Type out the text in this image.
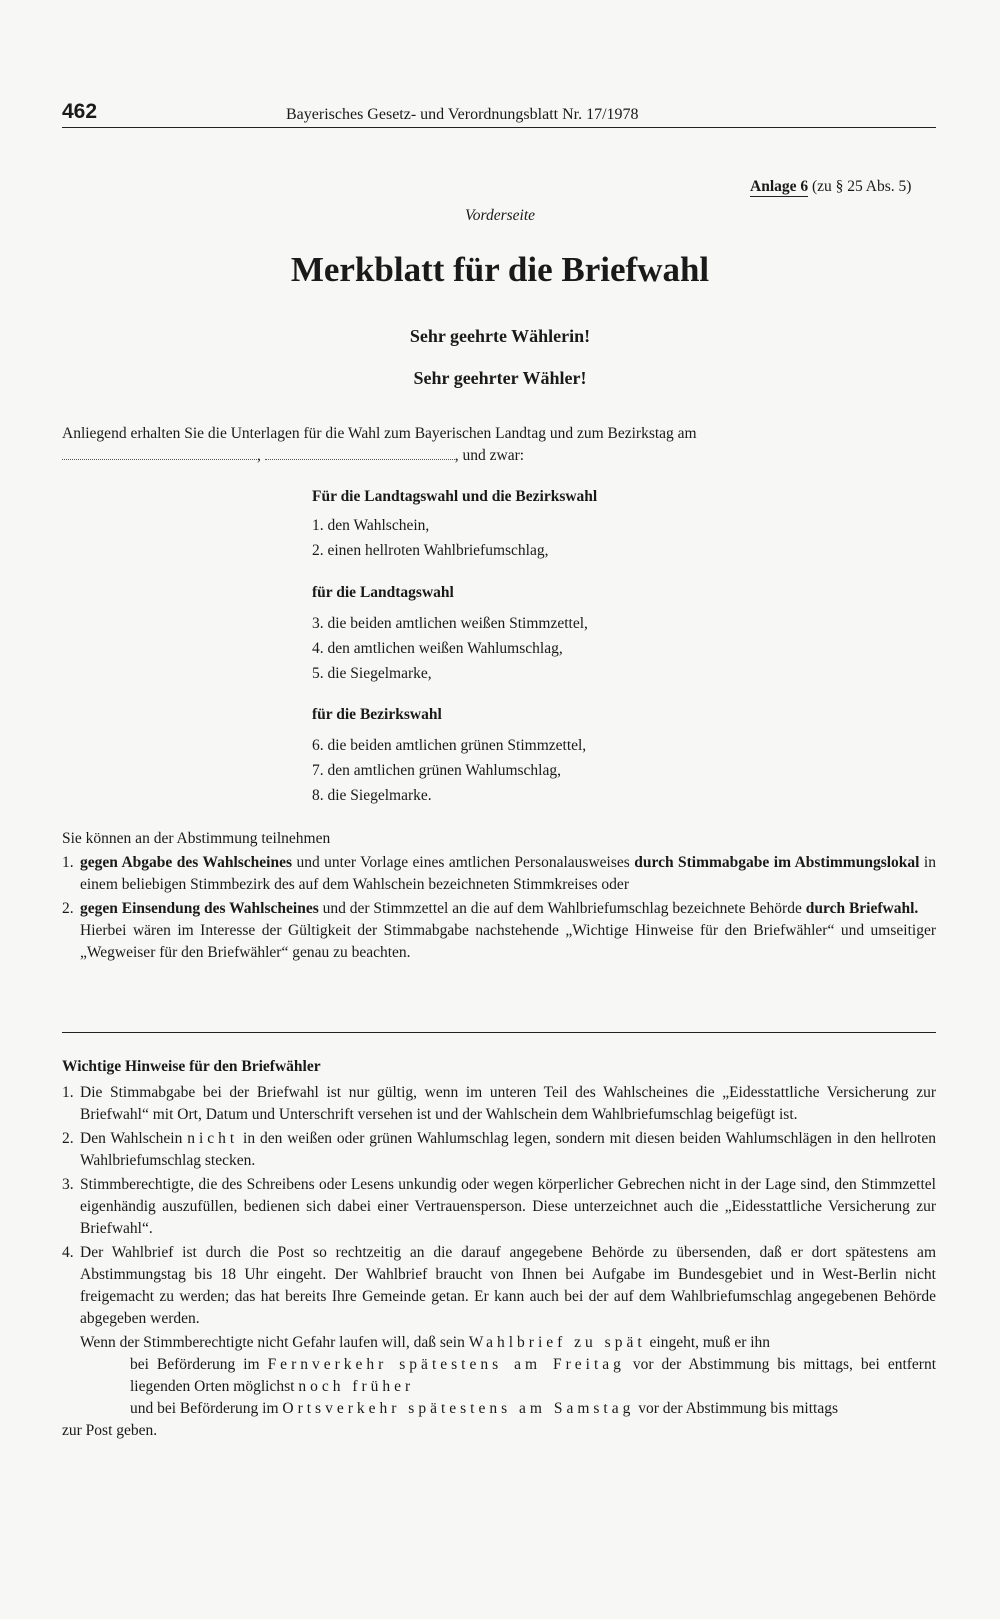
462	Bayerisches Gesetz- und Verordnungsblatt Nr. 17/1978
Anlage 6 (zu § 25 Abs. 5)
Vorderseite
Merkblatt für die Briefwahl
Sehr geehrte Wählerin!
Sehr geehrter Wähler!
Anliegend erhalten Sie die Unterlagen für die Wahl zum Bayerischen Landtag und zum Bezirkstag am
,	, und zwar:
Für die Landtagswahl und die Bezirkswahl
1. den Wahlschein,
2. einen hellroten Wahlbriefumschlag,
für die Landtagswahl
3. die beiden amtlichen weißen Stimmzettel,
4. den amtlichen weißen Wahlumschlag,
5. die Siegelmarke,
für die Bezirkswahl
6. die beiden amtlichen grünen Stimmzettel,
7. den amtlichen grünen Wahlumschlag,
8. die Siegelmarke.
Sie können an der Abstimmung teilnehmen
1. gegen Abgabe des Wahlscheines und unter Vorlage eines amtlichen Personalausweises durch Stimmabgabe im Abstimmungslokal in einem beliebigen Stimmbezirk des auf dem Wahlschein bezeichneten Stimmkreises oder
2. gegen Einsendung des Wahlscheines und der Stimmzettel an die auf dem Wahlbriefumschlag bezeichnete Behörde durch Briefwahl.
Hierbei wären im Interesse der Gültigkeit der Stimmabgabe nachstehende „Wichtige Hinweise für den Briefwähler“ und umseitiger „Wegweiser für den Briefwähler“ genau zu beachten.
Wichtige Hinweise für den Briefwähler
1. Die Stimmabgabe bei der Briefwahl ist nur gültig, wenn im unteren Teil des Wahlscheines die „Eidesstattliche Versicherung zur Briefwahl“ mit Ort, Datum und Unterschrift versehen ist und der Wahlschein dem Wahlbriefumschlag beigefügt ist.
2. Den Wahlschein nicht in den weißen oder grünen Wahlumschlag legen, sondern mit diesen beiden Wahlumschlägen in den hellroten Wahlbriefumschlag stecken.
3. Stimmberechtigte, die des Schreibens oder Lesens unkundig oder wegen körperlicher Gebrechen nicht in der Lage sind, den Stimmzettel eigenhändig auszufüllen, bedienen sich dabei einer Vertrauensperson. Diese unterzeichnet auch die „Eidesstattliche Versicherung zur Briefwahl“.
4. Der Wahlbrief ist durch die Post so rechtzeitig an die darauf angegebene Behörde zu übersenden, daß er dort spätestens am Abstimmungstag bis 18 Uhr eingeht. Der Wahlbrief braucht von Ihnen bei Aufgabe im Bundesgebiet und in West-Berlin nicht freigemacht zu werden; das hat bereits Ihre Gemeinde getan. Er kann auch bei der auf dem Wahlbriefumschlag angegebenen Behörde abgegeben werden.
Wenn der Stimmberechtigte nicht Gefahr laufen will, daß sein Wahlbrief zu spät eingeht, muß er ihn
bei Beförderung im Fernverkehr spätestens am Freitag vor der Abstimmung bis mittags, bei entfernt liegenden Orten möglichst noch früher
und bei Beförderung im Ortsverkehr spätestens am Samstag vor der Abstimmung bis mittags
zur Post geben.
